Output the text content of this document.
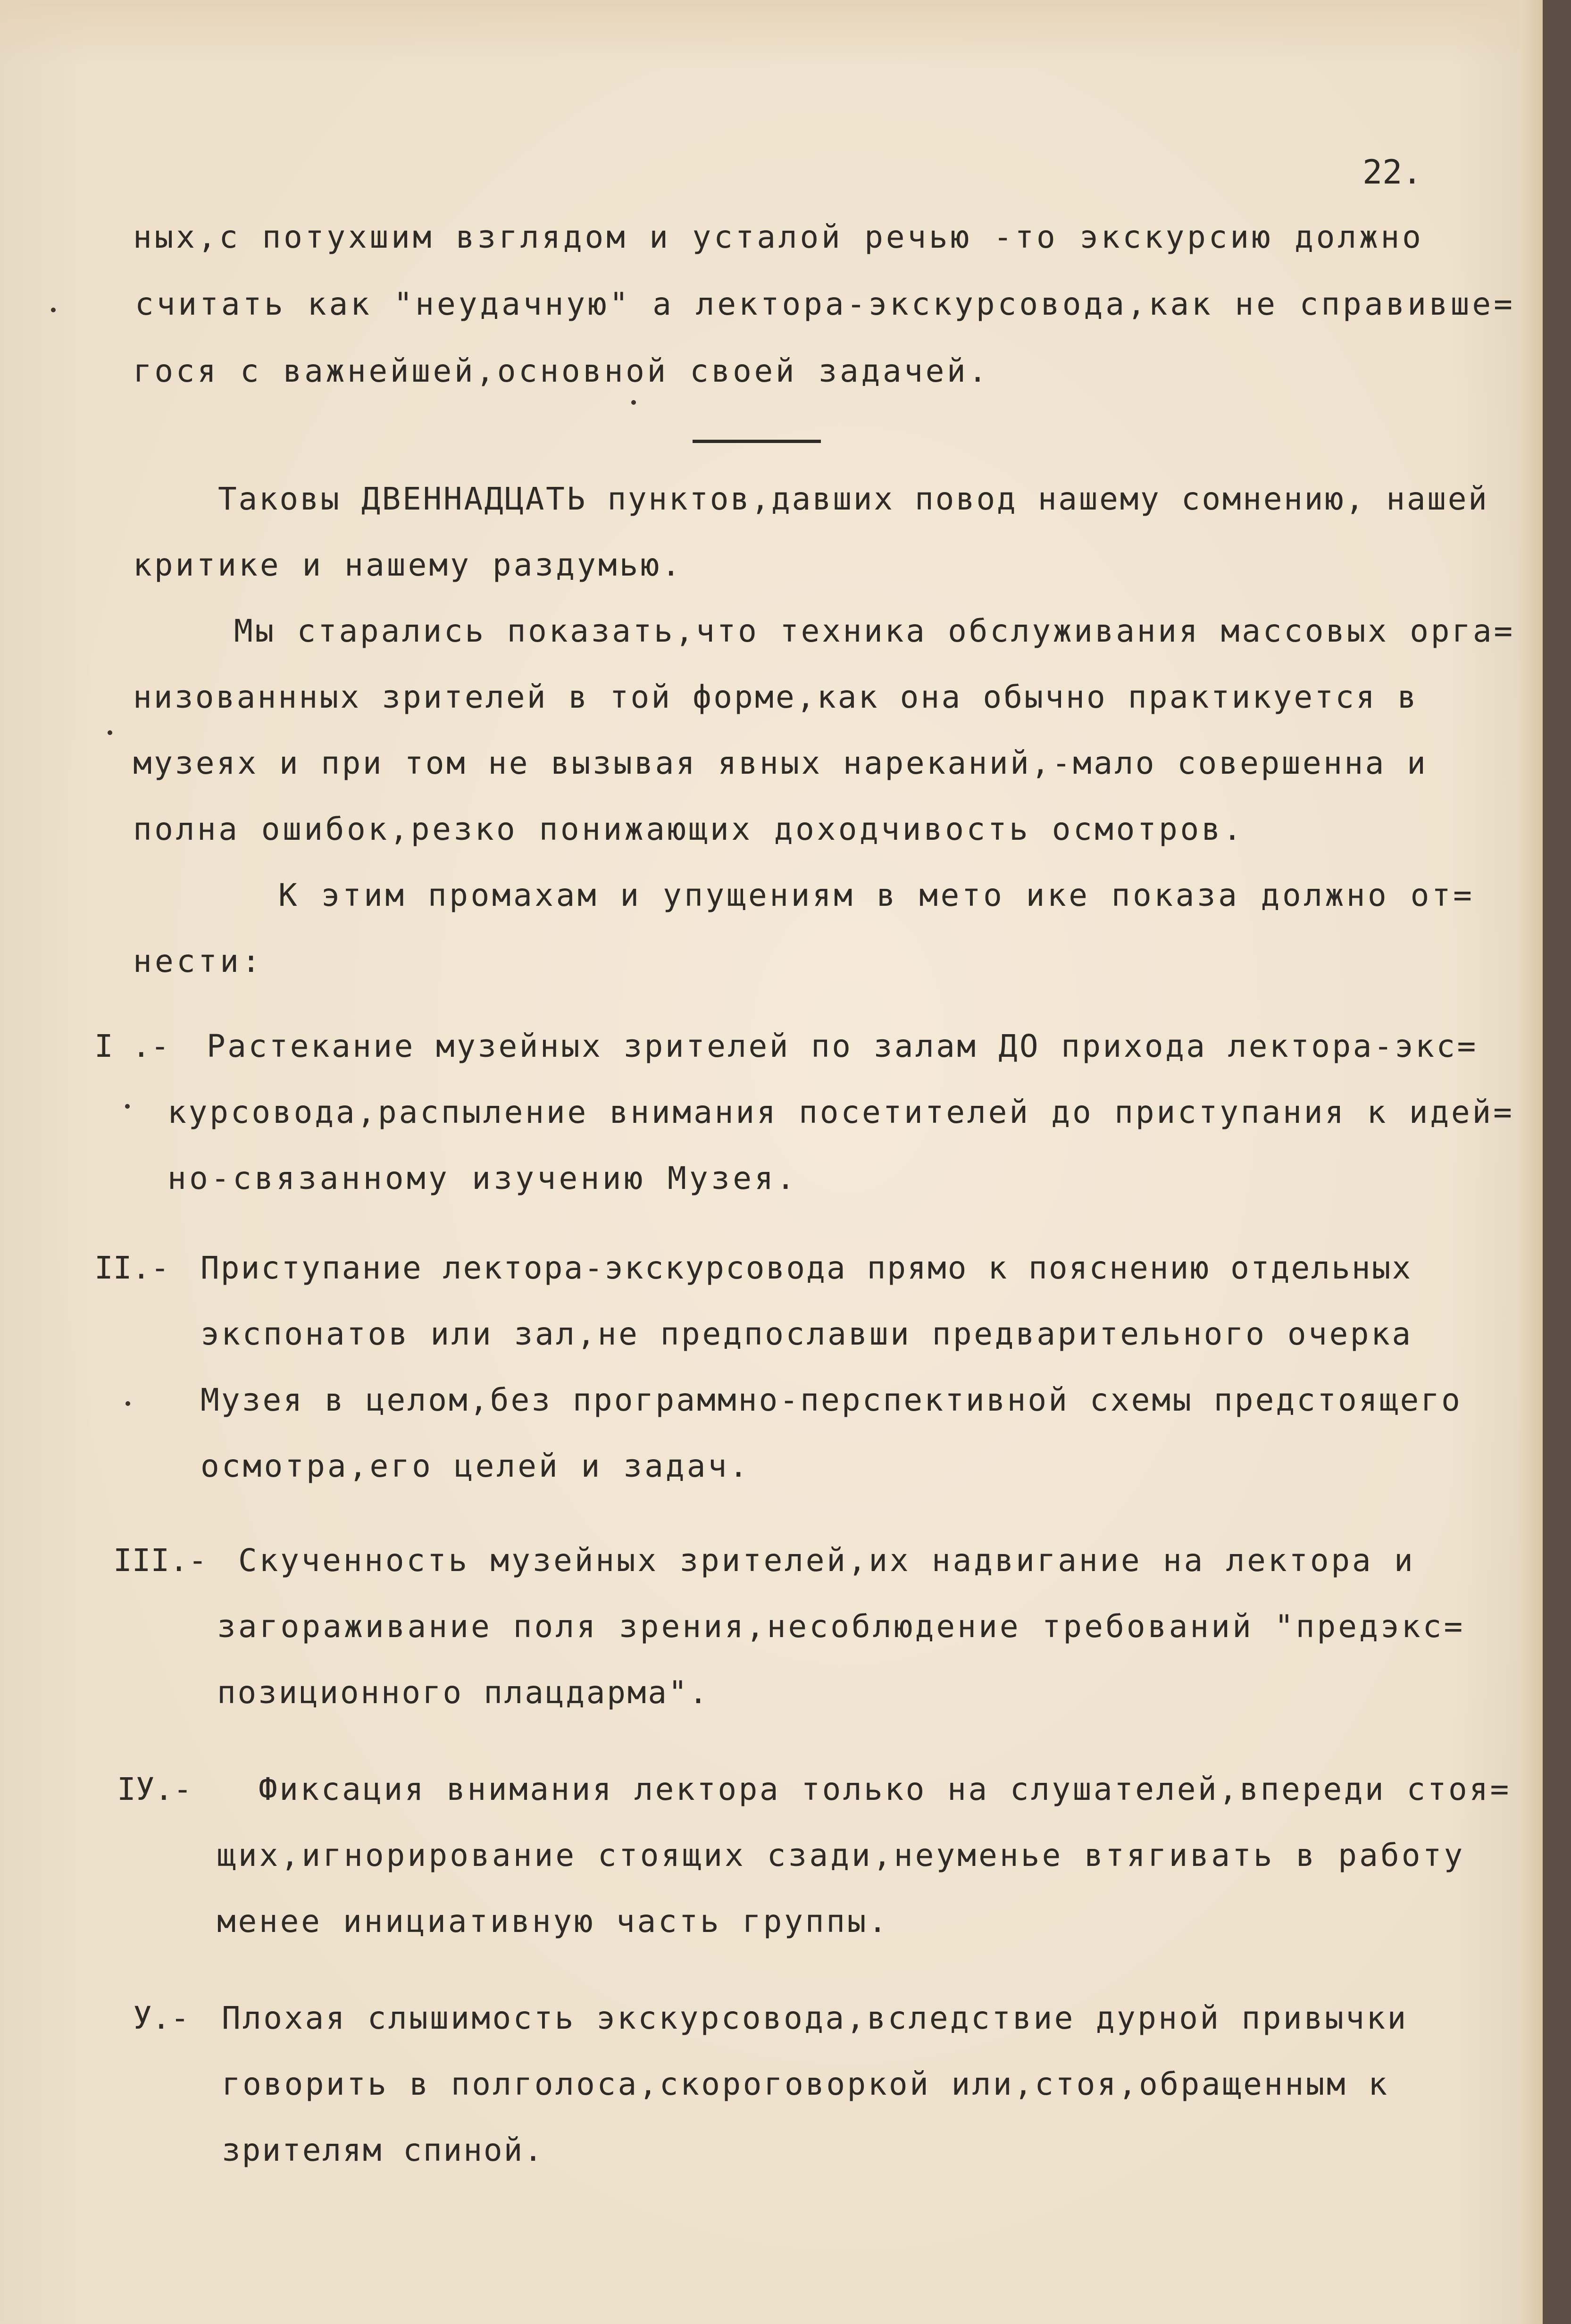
22.
ных,с потухшим взглядом и усталой речью -то экскурсию должно
считать как "неудачную" а лектора-экскурсовода,как не справивше=
гося с важнейшей,основной своей задачей.
Таковы ДВЕННАДЦАТЬ пунктов,давших повод нашему сомнению, нашей
критике и нашему раздумью.
Мы старались показать,что техника обслуживания массовых орга=
низованнных зрителей в той форме,как она обычно практикуется в
музеях и при том не вызывая явных нареканий,-мало совершенна и
полна ошибок,резко понижающих доходчивость осмотров.
К этим промахам и упущениям в мето ике показа должно от=
нести:
I .- Растекание музейных зрителей по залам ДО прихода лектора-экс=
курсовода,распыление внимания посетителей до приступания к идей=
но-связанному изучению Музея.
II.- Приступание лектора-экскурсовода прямо к пояснению отдельных
экспонатов или зал,не предпославши предварительного очерка
Музея в целом,без программно-перспективной схемы предстоящего
осмотра,его целей и задач.
III.- Скученность музейных зрителей,их надвигание на лектора и
загораживание поля зрения,несоблюдение требований "предэкс=
позиционного плацдарма".
IУ.- Фиксация внимания лектора только на слушателей,впереди стоя=
щих,игнорирование стоящих сзади,неуменье втягивать в работу
менее инициативную часть группы.
У.- Плохая слышимость экскурсовода,вследствие дурной привычки
говорить в полголоса,скороговоркой или,стоя,обращенным к
зрителям спиной.
